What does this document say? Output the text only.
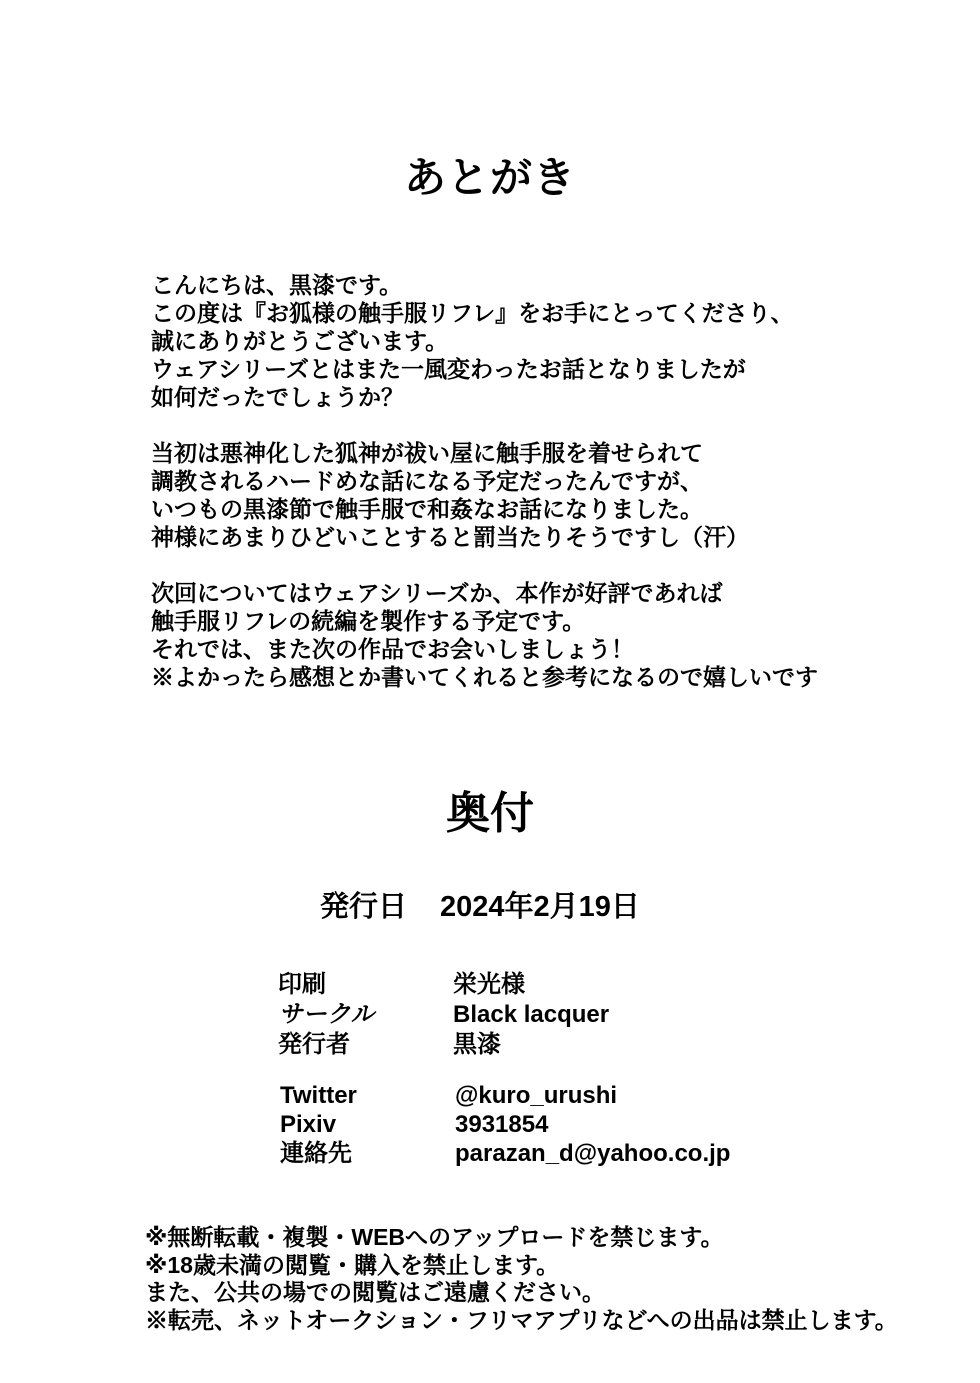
あとがき

こんにちは、黒漆です。
この度は『お狐様の触手服リフレ』をお手にとってくださり、
誠にありがとうございます。
ウェアシリーズとはまた一風変わったお話となりましたが
如何だったでしょうか？

当初は悪神化した狐神が祓い屋に触手服を着せられて
調教されるハードめな話になる予定だったんですが、
いつもの黒漆節で触手服で和姦なお話になりました。
神様にあまりひどいことすると罰当たりそうですし（汗）

次回についてはウェアシリーズか、本作が好評であれば
触手服リフレの続編を製作する予定です。
それでは、また次の作品でお会いしましょう！
※よかったら感想とか書いてくれると参考になるので嬉しいです

奥付
発行日 2024年2月19日
印刷	栄光様
サークル	Black lacquer
発行者	黒漆
Twitter	@kuro_urushi
Pixiv	3931854
連絡先	parazan_d@yahoo.co.jp
※無断転載・複製・WEBへのアップロードを禁じます。
※18歳未満の閲覧・購入を禁止します。
また、公共の場での閲覧はご遠慮ください。
※転売、ネットオークション・フリマアプリなどへの出品は禁止します。
